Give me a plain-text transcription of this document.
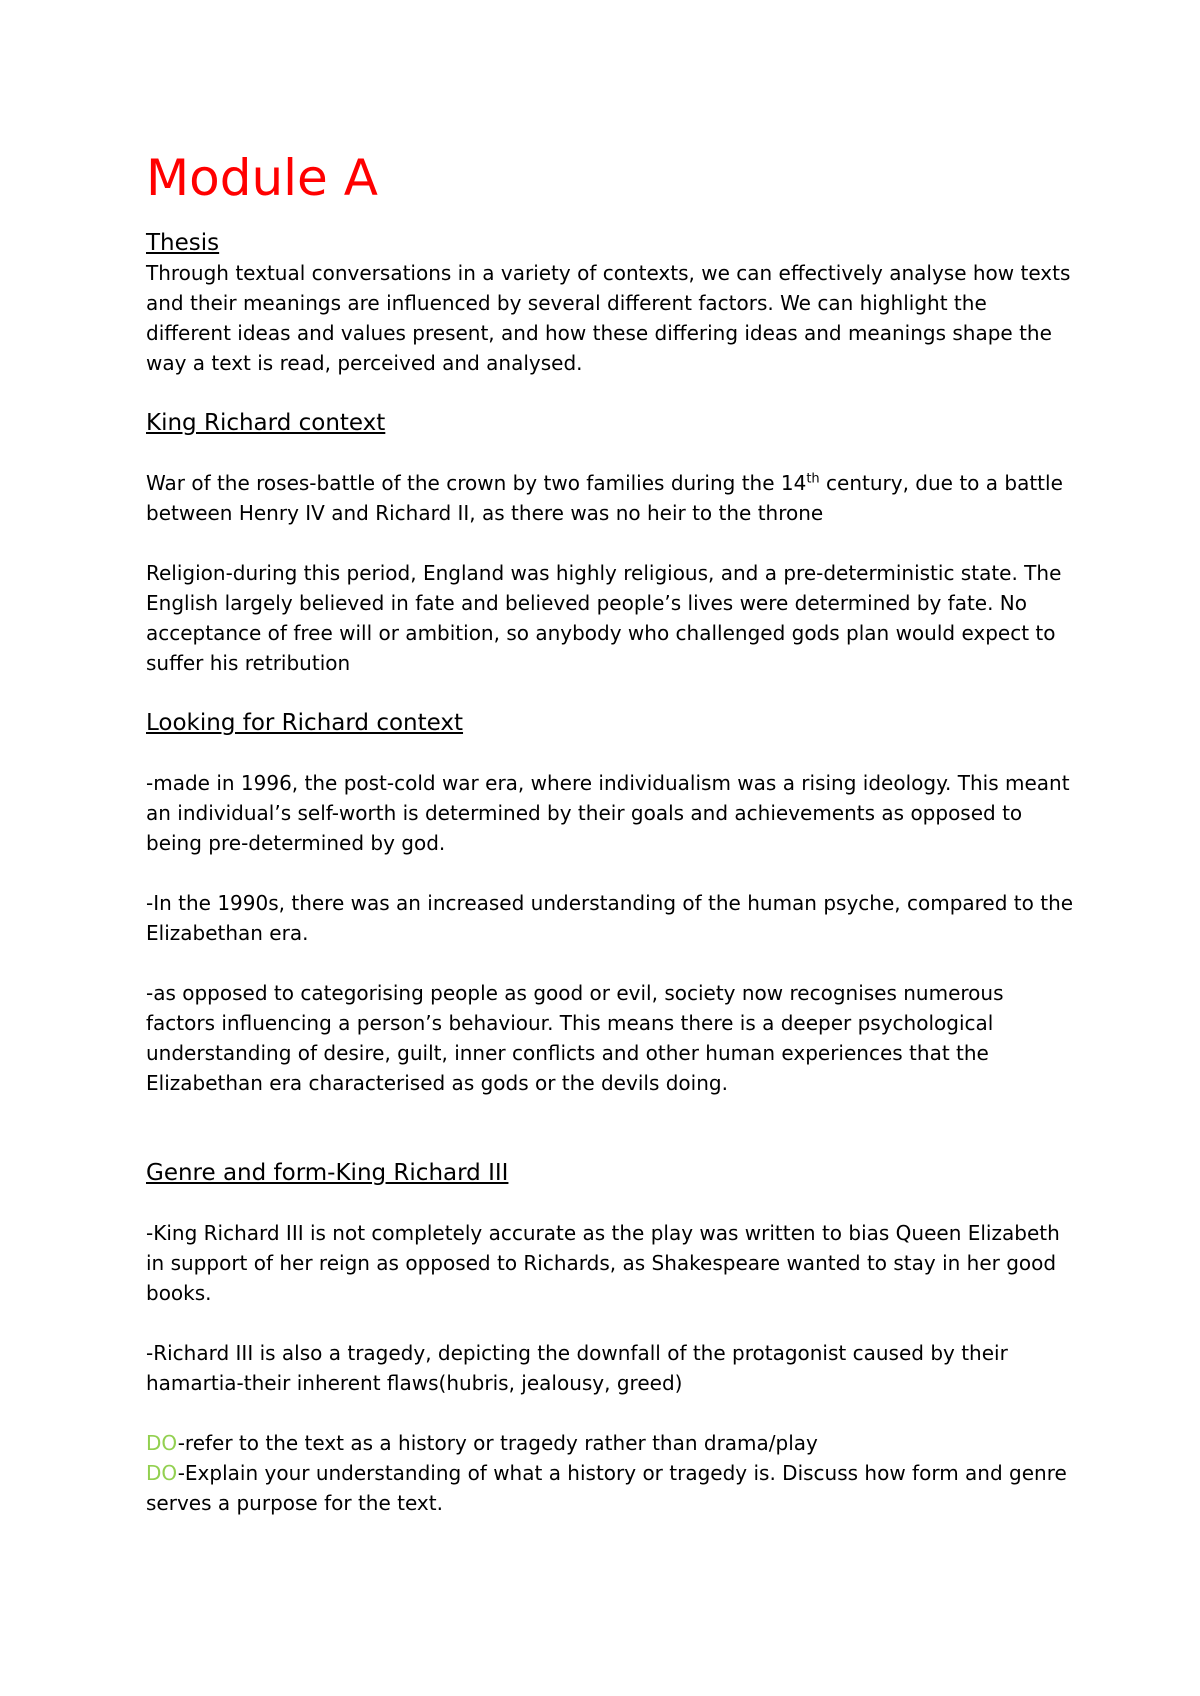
Module A
Thesis

Through textual conversations in a variety of contexts, we can effectively analyse how texts and their meanings are influenced by several different factors. We can highlight the different ideas and values present, and how these differing ideas and meanings shape the way a text is read, perceived and analysed.

King Richard context

War of the roses-battle of the crown by two families during the 14th century, due to a battle between Henry IV and Richard II, as there was no heir to the throne

Religion-during this period, England was highly religious, and a pre-deterministic state. The English largely believed in fate and believed people’s lives were determined by fate. No acceptance of free will or ambition, so anybody who challenged gods plan would expect to suffer his retribution

Looking for Richard context

-made in 1996, the post-cold war era, where individualism was a rising ideology. This meant an individual’s self-worth is determined by their goals and achievements as opposed to being pre-determined by god.

-In the 1990s, there was an increased understanding of the human psyche, compared to the Elizabethan era.

-as opposed to categorising people as good or evil, society now recognises numerous factors influencing a person’s behaviour. This means there is a deeper psychological understanding of desire, guilt, inner conflicts and other human experiences that the Elizabethan era characterised as gods or the devils doing.

Genre and form-King Richard III

-King Richard III is not completely accurate as the play was written to bias Queen Elizabeth in support of her reign as opposed to Richards, as Shakespeare wanted to stay in her good books.

-Richard III is also a tragedy, depicting the downfall of the protagonist caused by their hamartia-their inherent flaws(hubris, jealousy, greed)

DO-refer to the text as a history or tragedy rather than drama/play

DO-Explain your understanding of what a history or tragedy is. Discuss how form and genre serves a purpose for the text.
